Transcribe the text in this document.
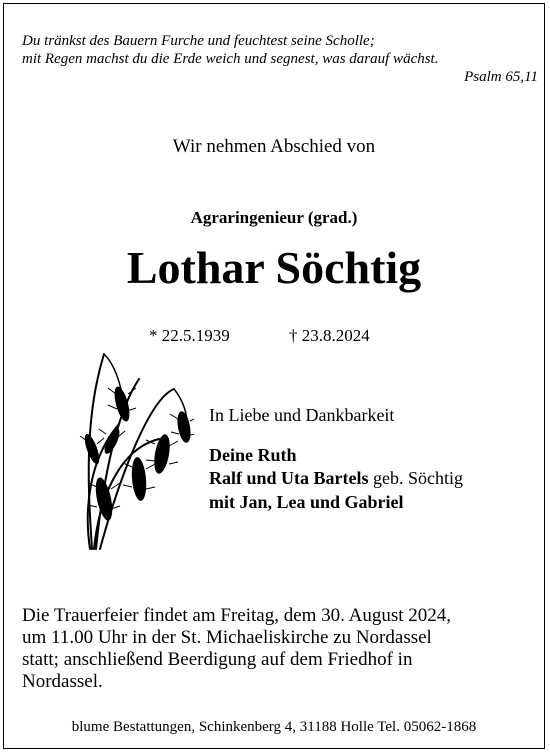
Du tränkst des Bauern Furche und feuchtest seine Scholle;
mit Regen machst du die Erde weich und segnest, was darauf wächst.
Psalm 65,11
Wir nehmen Abschied von
Agraringenieur (grad.)
Lothar Söchtig
* 22.5.1939	† 23.8.2024
In Liebe und Dankbarkeit
Deine Ruth
Ralf und Uta Bartels geb. Söchtig
mit Jan, Lea und Gabriel
Die Trauerfeier findet am Freitag, dem 30. August 2024,
um 11.00 Uhr in der St. Michaeliskirche zu Nordassel
statt; anschließend Beerdigung auf dem Friedhof in
Nordassel.
blume Bestattungen, Schinkenberg 4, 31188 Holle Tel. 05062-1868
